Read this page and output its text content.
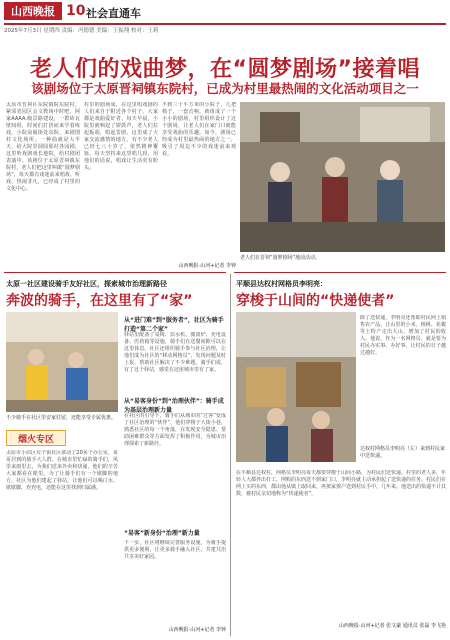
山西晚报 10 社会直通车
2025年7月3日 星期四 责编：冯德德 美编：王振翔 校对：王莉
老人们的戏曲梦，在“圆梦剧场”接着唱
该剧场位于太原晋祠镇东院村，已成为村里最热闹的文化活动项目之一
太原市晋祠区东院镇院东院村，紧邻省园区会文教场中时吧，阿家AAAA.级景路建设，一群砖瓦壁间组，时间们打挤而来学着练戏。小院前阁街处东院，来剧图村文化场所。一种曲就是大半天，给大院里圆圆那村各园剧，这里听戏剧戏长地院，给村剧团表演中。该剧位于太原晋祠镇东院村，老人们把这里叫做“圆梦剧场”，每天都有戏迷前来唱戏、听戏，热闹非凡，已经成了村里的文化中心。
村里的剧场成，在这里唱戏剧的人们来自于附近各个村子，大家都是戏曲爱好者。每天早晨，小院里就响起了锣鼓声，老人们拉起板胡，唱起晋剧，这里成了大家交流感情的地方。有不少老人已经七八十岁了，依然精神矍铄，每天坚持来这里唱几段，用他们的话说，唱戏让生活更有盼头。
不到三十平方米的小院子，几把椅子，一套音响，就组成了一个小小的剧场，村里组织设计了这个剧场，让老人们在家门口就能享受戏曲的乐趣。如今，剧场已经成为村里最热闹的地方之一，吸引了周边不少的戏迷前来观看。
老人们在晋祠“圆梦剧场”地前活动。
山西晚报·山河+记者 李钟
太原一社区建设骑手友好社区，探索城市治理新路径
奔波的骑手，在这里有了“家”
不少骑手在社区里安家驻留，还能享受专属优惠。
烟火专区
太原市小店区有个街社区联动了20多个办公室，哥哥居到的骑手大人群。在城市里忙碌的骑手们，风里来雨里去，为我们送来外卖和快递，他们的辛苦大家都看在眼里。为了让骑手们有一个歇脚的地方，社区为他们建起了驿站，让他们可以喝口水、歇歇脚、充充电，还能在这里找到归属感。
从“进门难”到“服务者”，社区为骑手打造“第二个家”
驿站里配备了桌椅、饮水机、微波炉、充电设备、医药箱等设施，骑手们在送餐间隙可以在这里休息。社区还组织骑手参与社区治理，让他们成为社区的“移动网格员”，发现问题及时上报，帮助社区解决了不少难题。骑手们说，有了这个驿站，感觉在这座城市里有了家。
从“易客身份”到“治理伙伴”：骑手成为基层治理新力量
在社区的引导下，骑手们从城市的“过客”变成了社区治理的“伙伴”，他们穿梭于大街小巷，熟悉社区的每一个角落，在发现安全隐患、帮助困难群众等方面发挥了积极作用，为城市治理探索了新路径。
“易客”新身份“治理”新力量
下一步，社区将继续完善服务设施，为骑手提供更多便利，让更多骑手融入社区，共建共治共享美好家园。
山西晚报·山河+记者 李钟
平顺县达权村网格员李明亮：
穿梭于山间的“快递使者”
达权村网格员李明亮（左）来到村民家中送快递。
除了送快递，李明亮还帮助村民网上销售农产品，让山里的小米、核桃、花椒等土特产走出大山，增加了村民的收入。他说，作为一名网格员，就是要为村民办实事、办好事，让村民的日子越过越好。
在平顺县达权村，网格员李明亮每天都要穿梭于山间小路，为村民们送快递。村里的老人多，年轻人大都外出打工，网购的东西送不到家门口，李明亮就主动承担起了送快递的任务。村民们在网上买的东西，都由他从镇上取回来，再挨家挨户送到村民手中。几年来，他送出的快递不计其数，被村民亲切地称为“快递使者”。
山西晚报·山河+记者 张文豪 通讯员 张磊 李飞艳
